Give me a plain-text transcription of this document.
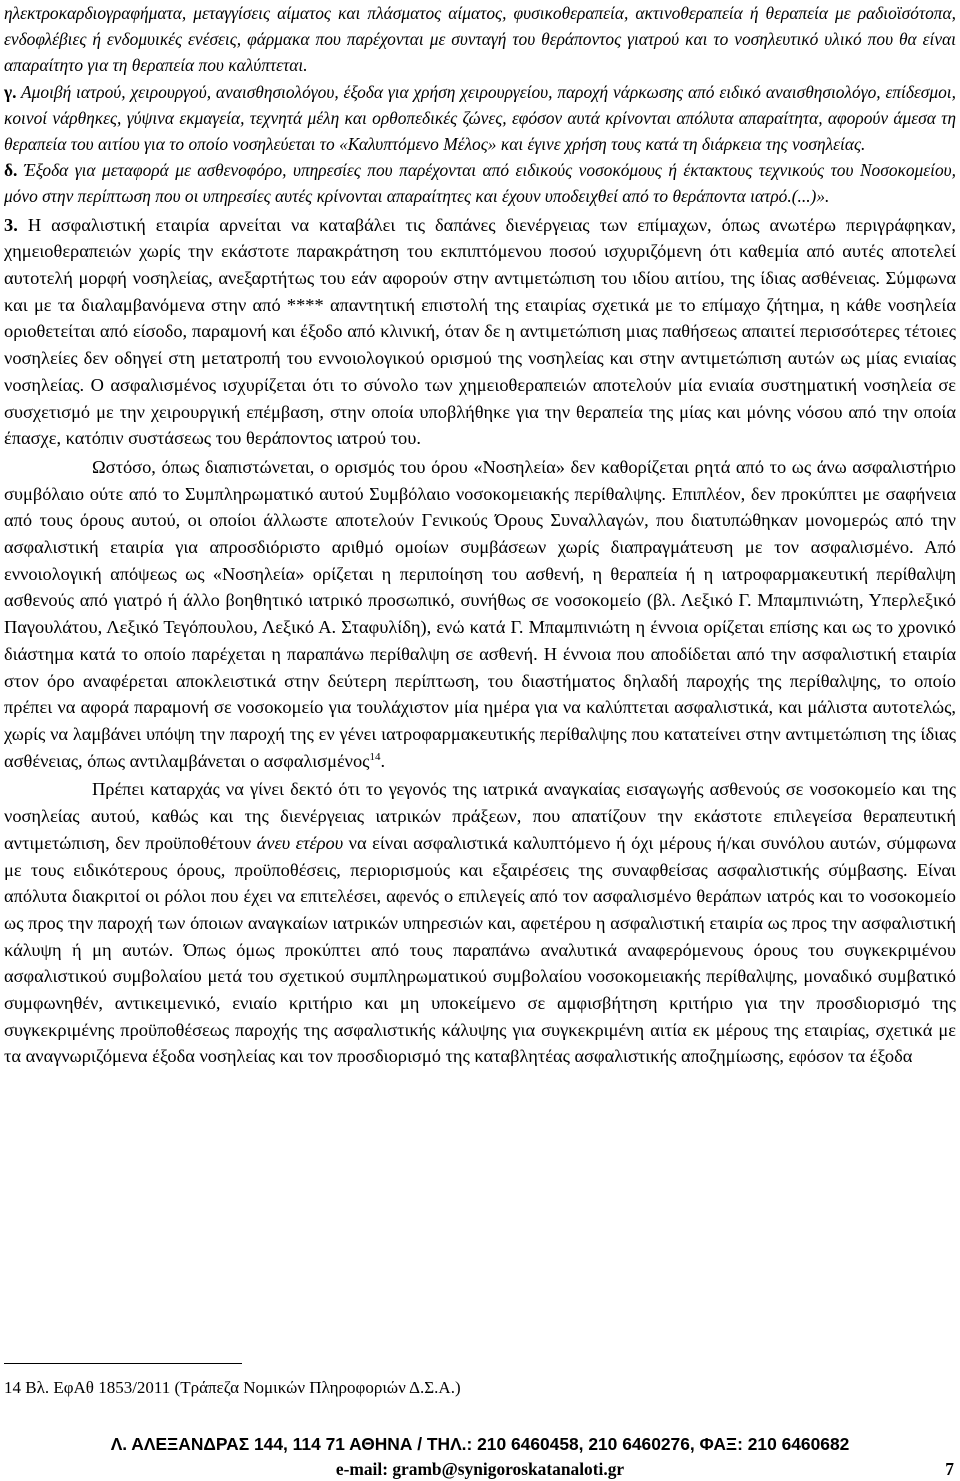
ηλεκτροκαρδιογραφήματα, μεταγγίσεις αίματος και πλάσματος αίματος, φυσικοθεραπεία, ακτινοθεραπεία ή θεραπεία με ραδιοϊσότοπα, ενδοφλέβιες ή ενδομυικές ενέσεις, φάρμακα που παρέχονται με συνταγή του θεράποντος γιατρού και το νοσηλευτικό υλικό που θα είναι απαραίτητο για τη θεραπεία που καλύπτεται.

γ. Αμοιβή ιατρού, χειρουργού, αναισθησιολόγου, έξοδα για χρήση χειρουργείου, παροχή νάρκωσης από ειδικό αναισθησιολόγο, επίδεσμοι, κοινοί νάρθηκες, γύψινα εκμαγεία, τεχνητά μέλη και ορθοπεδικές ζώνες, εφόσον αυτά κρίνονται απόλυτα απαραίτητα, αφορούν άμεσα τη θεραπεία του αιτίου για το οποίο νοσηλεύεται το «Καλυπτόμενο Μέλος» και έγινε χρήση τους κατά τη διάρκεια της νοσηλείας.

δ. Έξοδα για μεταφορά με ασθενοφόρο, υπηρεσίες που παρέχονται από ειδικούς νοσοκόμους ή έκτακτους τεχνικούς του Νοσοκομείου, μόνο στην περίπτωση που οι υπηρεσίες αυτές κρίνονται απαραίτητες και έχουν υποδειχθεί από το θεράποντα ιατρό.(...)».

3. Η ασφαλιστική εταιρία αρνείται να καταβάλει τις δαπάνες διενέργειας των επίμαχων, όπως ανωτέρω περιγράφηκαν, χημειοθεραπειών χωρίς την εκάστοτε παρακράτηση του εκπιπτόμενου ποσού ισχυριζόμενη ότι καθεμία από αυτές αποτελεί αυτοτελή μορφή νοσηλείας, ανεξαρτήτως του εάν αφορούν στην αντιμετώπιση του ιδίου αιτίου, της ίδιας ασθένειας. Σύμφωνα και με τα διαλαμβανόμενα στην από **** απαντητική επιστολή της εταιρίας σχετικά με το επίμαχο ζήτημα, η κάθε νοσηλεία οριοθετείται από είσοδο, παραμονή και έξοδο από κλινική, όταν δε η αντιμετώπιση μιας παθήσεως απαιτεί περισσότερες τέτοιες νοσηλείες δεν οδηγεί στη μετατροπή του εννοιολογικού ορισμού της νοσηλείας και στην αντιμετώπιση αυτών ως μίας ενιαίας νοσηλείας. Ο ασφαλισμένος ισχυρίζεται ότι το σύνολο των χημειοθεραπειών αποτελούν μία ενιαία συστηματική νοσηλεία σε συσχετισμό με την χειρουργική επέμβαση, στην οποία υποβλήθηκε για την θεραπεία της μίας και μόνης νόσου από την οποία έπασχε, κατόπιν συστάσεως του θεράποντος ιατρού του.

Ωστόσο, όπως διαπιστώνεται, ο ορισμός του όρου «Νοσηλεία» δεν καθορίζεται ρητά από το ως άνω ασφαλιστήριο συμβόλαιο ούτε από το Συμπληρωματικό αυτού Συμβόλαιο νοσοκομειακής περίθαλψης. Επιπλέον, δεν προκύπτει με σαφήνεια από τους όρους αυτού, οι οποίοι άλλωστε αποτελούν Γενικούς Όρους Συναλλαγών, που διατυπώθηκαν μονομερώς από την ασφαλιστική εταιρία για απροσδιόριστο αριθμό ομοίων συμβάσεων χωρίς διαπραγμάτευση με τον ασφαλισμένο. Από εννοιολογική απόψεως ως «Νοσηλεία» ορίζεται η περιποίηση του ασθενή, η θεραπεία ή η ιατροφαρμακευτική περίθαλψη ασθενούς από γιατρό ή άλλο βοηθητικό ιατρικό προσωπικό, συνήθως σε νοσοκομείο (βλ. Λεξικό Γ. Μπαμπινιώτη, Υπερλεξικό Παγουλάτου, Λεξικό Τεγόπουλου, Λεξικό Α. Σταφυλίδη), ενώ κατά Γ. Μπαμπινιώτη η έννοια ορίζεται επίσης και ως το χρονικό διάστημα κατά το οποίο παρέχεται η παραπάνω περίθαλψη σε ασθενή. Η έννοια που αποδίδεται από την ασφαλιστική εταιρία στον όρο αναφέρεται αποκλειστικά στην δεύτερη περίπτωση, του διαστήματος δηλαδή παροχής της περίθαλψης, το οποίο πρέπει να αφορά παραμονή σε νοσοκομείο για τουλάχιστον μία ημέρα για να καλύπτεται ασφαλιστικά, και μάλιστα αυτοτελώς, χωρίς να λαμβάνει υπόψη την παροχή της εν γένει ιατροφαρμακευτικής περίθαλψης που κατατείνει στην αντιμετώπιση της ίδιας ασθένειας, όπως αντιλαμβάνεται ο ασφαλισμένος$^{14}$.

Πρέπει καταρχάς να γίνει δεκτό ότι το γεγονός της ιατρικά αναγκαίας εισαγωγής ασθενούς σε νοσοκομείο και της νοσηλείας αυτού, καθώς και της διενέργειας ιατρικών πράξεων, που απατίζουν την εκάστοτε επιλεγείσα θεραπευτική αντιμετώπιση, δεν προϋποθέτουν άνευ ετέρου να είναι ασφαλιστικά καλυπτόμενο ή όχι μέρους ή/και συνόλου αυτών, σύμφωνα με τους ειδικότερους όρους, προϋποθέσεις, περιορισμούς και εξαιρέσεις της συναφθείσας ασφαλιστικής σύμβασης. Είναι απόλυτα διακριτοί οι ρόλοι που έχει να επιτελέσει, αφενός ο επιλεγείς από τον ασφαλισμένο θεράπων ιατρός και το νοσοκομείο ως προς την παροχή των όποιων αναγκαίων ιατρικών υπηρεσιών και, αφετέρου η ασφαλιστική εταιρία ως προς την ασφαλιστική κάλυψη ή μη αυτών. Όπως όμως προκύπτει από τους παραπάνω αναλυτικά αναφερόμενους όρους του συγκεκριμένου ασφαλιστικού συμβολαίου μετά του σχετικού συμπληρωματικού συμβολαίου νοσοκομειακής περίθαλψης, μοναδικό συμβατικό συμφωνηθέν, αντικειμενικό, ενιαίο κριτήριο και μη υποκείμενο σε αμφισβήτηση κριτήριο για την προσδιορισμό της συγκεκριμένης προϋποθέσεως παροχής της ασφαλιστικής κάλυψης για συγκεκριμένη αιτία εκ μέρους της εταιρίας, σχετικά με τα αναγνωριζόμενα έξοδα νοσηλείας και τον προσδιορισμό της καταβλητέας ασφαλιστικής αποζημίωσης, εφόσον τα έξοδα

14 Βλ. ΕφΑθ 1853/2011 (Τράπεζα Νομικών Πληροφοριών Δ.Σ.Α.)

Λ. ΑΛΕΞΑΝΔΡΑΣ 144, 114 71 ΑΘΗΝΑ / ΤΗΛ.: 210 6460458, 210 6460276, ΦΑΞ: 210 6460682
e-mail: gramb@synigoroskatanaloti.gr	7
